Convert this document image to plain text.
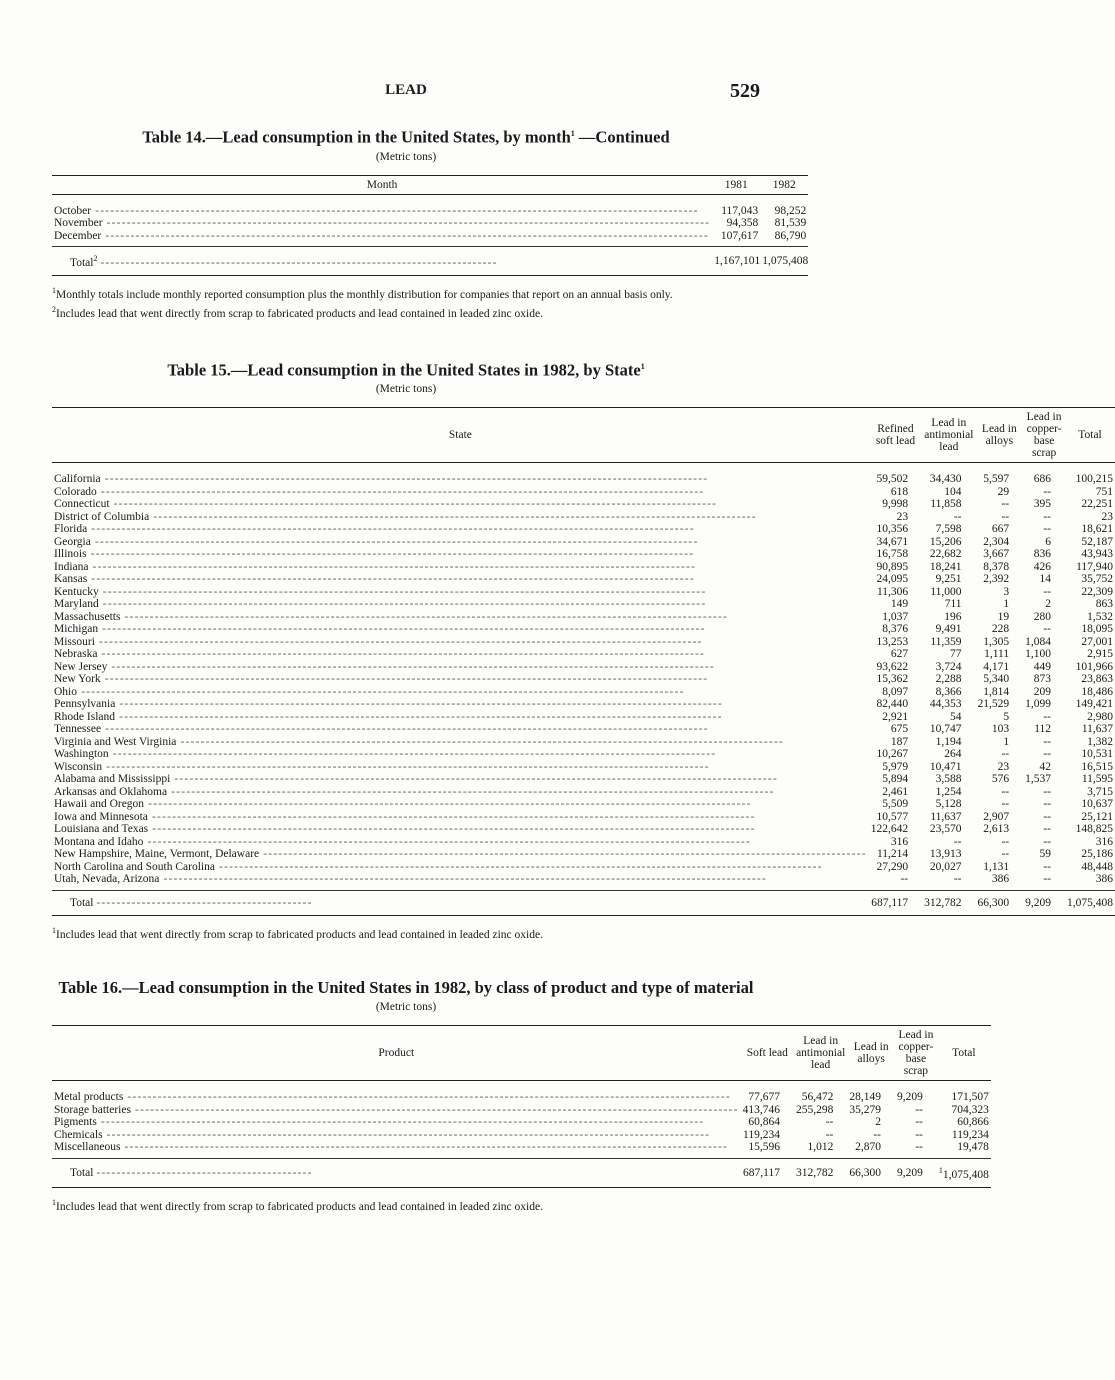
LEAD	529
Table 14.—Lead consumption in the United States, by month$^1$ —Continued
(Metric tons)
Month	1981	1982
October ------------------------------------------------------------------------------------------------------------------------	117,043	98,252
November ------------------------------------------------------------------------------------------------------------------------	94,358	81,539
December ------------------------------------------------------------------------------------------------------------------------	107,617	86,790
Total$^2$ -------------------------------------------------------------------------------	1,167,101	1,075,408
$^1$Monthly totals include monthly reported consumption plus the monthly distribution for companies that report on an annual basis only.
$^2$Includes lead that went directly from scrap to fabricated products and lead contained in leaded zinc oxide.
Table 15.—Lead consumption in the United States in 1982, by State$^1$
(Metric tons)
State	Refined soft lead	Lead in antimonial lead	Lead in alloys	Lead in copper-base scrap	Total
California ------------------------------------------------------------------------------------------------------------------------	59,502	34,430	5,597	686	100,215
Colorado ------------------------------------------------------------------------------------------------------------------------	618	104	29	--	751
Connecticut ------------------------------------------------------------------------------------------------------------------------	9,998	11,858	--	395	22,251
District of Columbia ------------------------------------------------------------------------------------------------------------------------	23	--	--	--	23
Florida ------------------------------------------------------------------------------------------------------------------------	10,356	7,598	667	--	18,621
Georgia ------------------------------------------------------------------------------------------------------------------------	34,671	15,206	2,304	6	52,187
Illinois ------------------------------------------------------------------------------------------------------------------------	16,758	22,682	3,667	836	43,943
Indiana ------------------------------------------------------------------------------------------------------------------------	90,895	18,241	8,378	426	117,940
Kansas ------------------------------------------------------------------------------------------------------------------------	24,095	9,251	2,392	14	35,752
Kentucky ------------------------------------------------------------------------------------------------------------------------	11,306	11,000	3	--	22,309
Maryland ------------------------------------------------------------------------------------------------------------------------	149	711	1	2	863
Massachusetts ------------------------------------------------------------------------------------------------------------------------	1,037	196	19	280	1,532
Michigan ------------------------------------------------------------------------------------------------------------------------	8,376	9,491	228	--	18,095
Missouri ------------------------------------------------------------------------------------------------------------------------	13,253	11,359	1,305	1,084	27,001
Nebraska ------------------------------------------------------------------------------------------------------------------------	627	77	1,111	1,100	2,915
New Jersey ------------------------------------------------------------------------------------------------------------------------	93,622	3,724	4,171	449	101,966
New York ------------------------------------------------------------------------------------------------------------------------	15,362	2,288	5,340	873	23,863
Ohio ------------------------------------------------------------------------------------------------------------------------	8,097	8,366	1,814	209	18,486
Pennsylvania ------------------------------------------------------------------------------------------------------------------------	82,440	44,353	21,529	1,099	149,421
Rhode Island ------------------------------------------------------------------------------------------------------------------------	2,921	54	5	--	2,980
Tennessee ------------------------------------------------------------------------------------------------------------------------	675	10,747	103	112	11,637
Virginia and West Virginia ------------------------------------------------------------------------------------------------------------------------	187	1,194	1	--	1,382
Washington ------------------------------------------------------------------------------------------------------------------------	10,267	264	--	--	10,531
Wisconsin ------------------------------------------------------------------------------------------------------------------------	5,979	10,471	23	42	16,515
Alabama and Mississippi ------------------------------------------------------------------------------------------------------------------------	5,894	3,588	576	1,537	11,595
Arkansas and Oklahoma ------------------------------------------------------------------------------------------------------------------------	2,461	1,254	--	--	3,715
Hawaii and Oregon ------------------------------------------------------------------------------------------------------------------------	5,509	5,128	--	--	10,637
Iowa and Minnesota ------------------------------------------------------------------------------------------------------------------------	10,577	11,637	2,907	--	25,121
Louisiana and Texas ------------------------------------------------------------------------------------------------------------------------	122,642	23,570	2,613	--	148,825
Montana and Idaho ------------------------------------------------------------------------------------------------------------------------	316	--	--	--	316
New Hampshire, Maine, Vermont, Delaware ------------------------------------------------------------------------------------------------------------------------	11,214	13,913	--	59	25,186
North Carolina and South Carolina ------------------------------------------------------------------------------------------------------------------------	27,290	20,027	1,131	--	48,448
Utah, Nevada, Arizona ------------------------------------------------------------------------------------------------------------------------	--	--	386	--	386
Total -------------------------------------------	687,117	312,782	66,300	9,209	1,075,408
$^1$Includes lead that went directly from scrap to fabricated products and lead contained in leaded zinc oxide.
Table 16.—Lead consumption in the United States in 1982, by class of product and type of material
(Metric tons)
Product	Soft lead	Lead in antimonial lead	Lead in alloys	Lead in copper-base scrap	Total
Metal products ------------------------------------------------------------------------------------------------------------------------	77,677	56,472	28,149	9,209	171,507
Storage batteries ------------------------------------------------------------------------------------------------------------------------	413,746	255,298	35,279	--	704,323
Pigments ------------------------------------------------------------------------------------------------------------------------	60,864	--	2	--	60,866
Chemicals ------------------------------------------------------------------------------------------------------------------------	119,234	--	--	--	119,234
Miscellaneous ------------------------------------------------------------------------------------------------------------------------	15,596	1,012	2,870	--	19,478
Total -------------------------------------------	687,117	312,782	66,300	9,209	$^1$1,075,408
$^1$Includes lead that went directly from scrap to fabricated products and lead contained in leaded zinc oxide.
